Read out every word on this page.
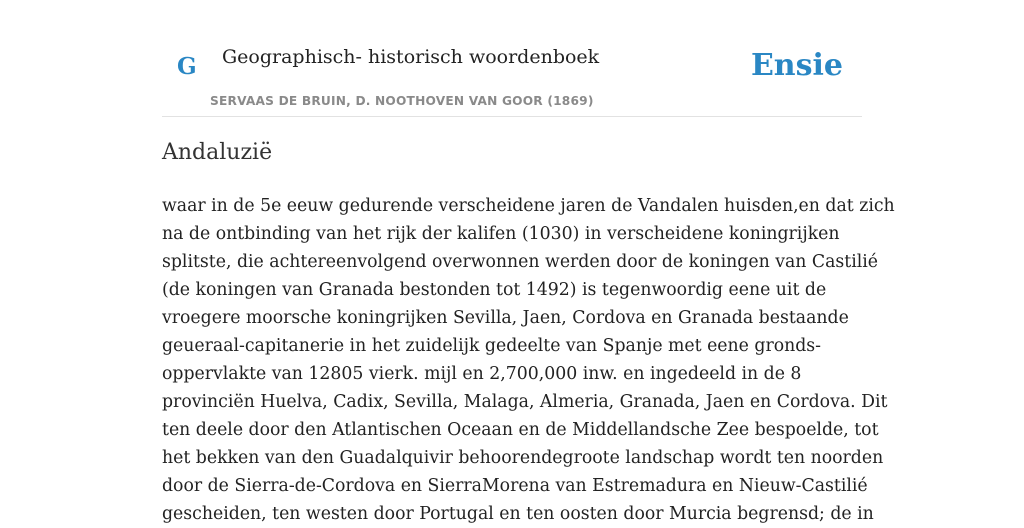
G Geographisch- historisch woordenboek
SERVAAS DE BRUIN, D. NOOTHOVEN VAN GOOR (1869)
Ensie
Andaluzië
waar in de 5e eeuw gedurende verscheidene jaren de Vandalen huisden,en dat zich
na de ontbinding van het rijk der kalifen (1030) in verscheidene koningrijken
splitste, die achtereenvolgend overwonnen werden door de koningen van Castilié
(de koningen van Granada bestonden tot 1492) is tegenwoordig eene uit de
vroegere moorsche koningrijken Sevilla, Jaen, Cordova en Granada bestaande
geueraal-capitanerie in het zuidelijk gedeelte van Spanje met eene gronds-
oppervlakte van 12805 vierk. mijl en 2,700,000 inw. en ingedeeld in de 8
provinciën Huelva, Cadix, Sevilla, Malaga, Almeria, Granada, Jaen en Cordova. Dit
ten deele door den Atlantischen Oceaan en de Middellandsche Zee bespoelde, tot
het bekken van den Guadalquivir behoorendegroote landschap wordt ten noorden
door de Sierra-de-Cordova en SierraMorena van Estremadura en Nieuw-Castilié
gescheiden, ten westen door Portugal en ten oosten door Murcia begrensd; de in
